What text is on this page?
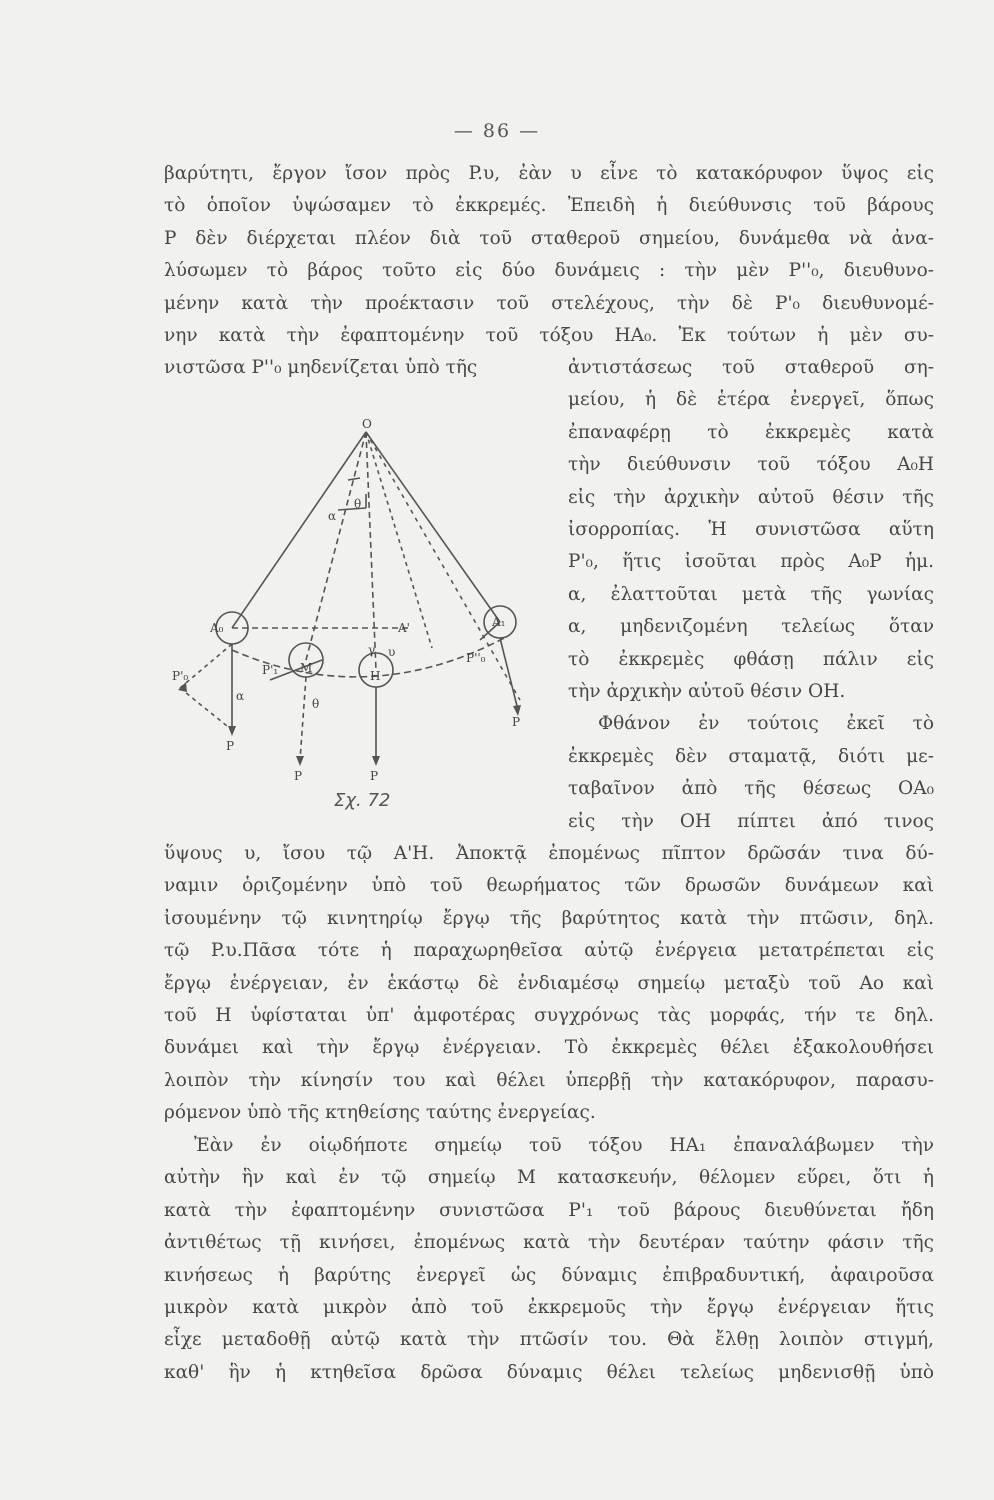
— 86 —
βαρύτητι, ἔργον ἴσον πρὸς P.υ, ἐὰν υ εἶνε τὸ κατακόρυφον ὕψος εἰς
τὸ ὁποῖον ὑψώσαμεν τὸ ἐκκρεμές. Ἐπειδὴ ἡ διεύθυνσις τοῦ βάρους
P δὲν διέρχεται πλέον διὰ τοῦ σταθεροῦ σημείου, δυνάμεθα νὰ ἀνα-
λύσωμεν τὸ βάρος τοῦτο εἰς δύο δυνάμεις : τὴν μὲν P''₀, διευθυνο-
μένην κατὰ τὴν προέκτασιν τοῦ στελέχους, τὴν δὲ P'₀ διευθυνομέ-
νην κατὰ τὴν ἐφαπτομένην τοῦ τόξου ΗΑ₀. Ἐκ τούτων ἡ μὲν συ-
νιστῶσα P''₀ μηδενίζεται ὑπὸ τῆς	ἀντιστάσεως τοῦ σταθεροῦ ση-
μείου, ἡ δὲ ἑτέρα ἐνεργεῖ, ὅπως
ἐπαναφέρῃ τὸ ἐκκρεμὲς κατὰ
τὴν διεύθυνσιν τοῦ τόξου Α₀Η
εἰς τὴν ἀρχικὴν αὐτοῦ θέσιν τῆς
ἰσορροπίας. Ἡ συνιστῶσα αὕτη
P'₀, ἥτις ἰσοῦται πρὸς Α₀P ἡμ.
α, ἐλαττοῦται μετὰ τῆς γωνίας
α, μηδενιζομένη τελείως ὅταν
τὸ ἐκκρεμὲς φθάσῃ πάλιν εἰς
τὴν ἀρχικὴν αὐτοῦ θέσιν ΟΗ.
Φθάνον ἐν τούτοις ἐκεῖ τὸ
ἐκκρεμὲς δὲν σταματᾷ, διότι με-
ταβαῖνον ἀπὸ τῆς θέσεως ΟΑ₀
εἰς τὴν ΟΗ πίπτει ἀπό τινος
O
A₀	A₁
M
H
A'
α
θ
υ
γ
α
θ
P
P	P
P
P'₀	P'₁
P''₀
Σχ. 72
ὕψους υ, ἴσου τῷ Α'Η. Ἀποκτᾷ ἐπομένως πῖπτον δρῶσάν τινα δύ-
ναμιν ὁριζομένην ὑπὸ τοῦ θεωρήματος τῶν δρωσῶν δυνάμεων καὶ
ἰσουμένην τῷ κινητηρίῳ ἔργῳ τῆς βαρύτητος κατὰ τὴν πτῶσιν, δηλ.
τῷ P.υ.Πᾶσα τότε ἡ παραχωρηθεῖσα αὐτῷ ἐνέργεια μετατρέπεται εἰς
ἔργῳ ἐνέργειαν, ἐν ἑκάστῳ δὲ ἐνδιαμέσῳ σημείῳ μεταξὺ τοῦ Αο καὶ
τοῦ Η ὑφίσταται ὑπ' ἀμφοτέρας συγχρόνως τὰς μορφάς, τήν τε δηλ.
δυνάμει καὶ τὴν ἔργῳ ἐνέργειαν. Τὸ ἐκκρεμὲς θέλει ἐξακολουθήσει
λοιπὸν τὴν κίνησίν του καὶ θέλει ὑπερβῇ τὴν κατακόρυφον, παρασυ-
ρόμενον ὑπὸ τῆς κτηθείσης ταύτης ἐνεργείας.
Ἐὰν ἐν οἱῳδήποτε σημείῳ τοῦ τόξου ΗΑ₁ ἐπαναλάβωμεν τὴν
αὐτὴν ἣν καὶ ἐν τῷ σημείῳ Μ κατασκευήν, θέλομεν εὕρει, ὅτι ἡ
κατὰ τὴν ἐφαπτομένην συνιστῶσα P'₁ τοῦ βάρους διευθύνεται ἤδη
ἀντιθέτως τῇ κινήσει, ἐπομένως κατὰ τὴν δευτέραν ταύτην φάσιν τῆς
κινήσεως ἡ βαρύτης ἐνεργεῖ ὡς δύναμις ἐπιβραδυντική, ἀφαιροῦσα
μικρὸν κατὰ μικρὸν ἀπὸ τοῦ ἐκκρεμοῦς τὴν ἔργῳ ἐνέργειαν ἥτις
εἶχε μεταδοθῇ αὐτῷ κατὰ τὴν πτῶσίν του. Θὰ ἔλθῃ λοιπὸν στιγμή,
καθ' ἣν ἡ κτηθεῖσα δρῶσα δύναμις θέλει τελείως μηδενισθῇ ὑπὸ
